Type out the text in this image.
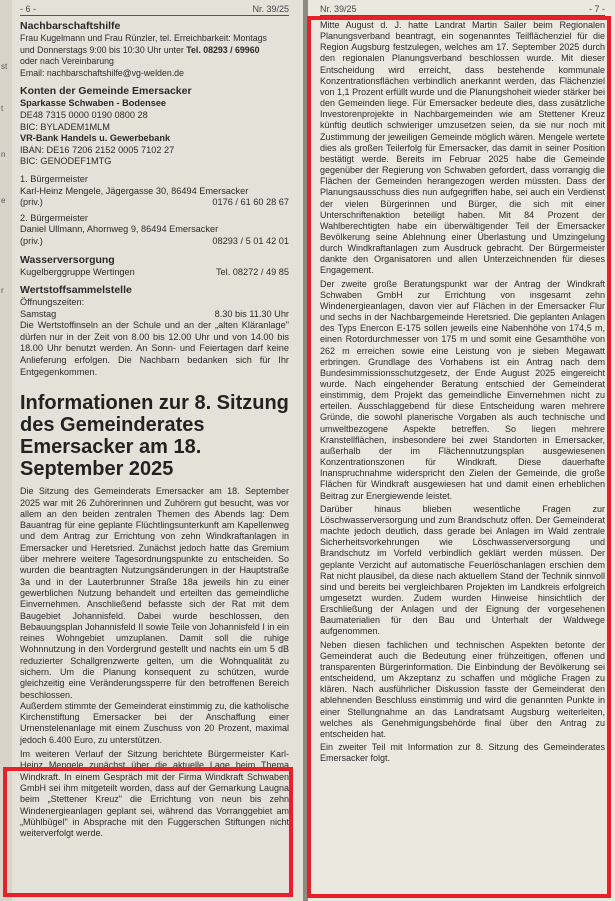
st
t
n
e
r
- 6 -	Nr. 39/25
Nachbarschaftshilfe
Frau Kugelmann und Frau Rünzler, tel. Erreichbarkeit: Montags
und Donnerstags 9:00 bis 10:30 Uhr unter Tel. 08293 / 69960
oder nach Vereinbarung
Email: nachbarschaftshilfe@vg-welden.de
Konten der Gemeinde Emersacker
Sparkasse Schwaben - Bodensee
DE48 7315 0000 0190 0800 28
BIC: BYLADEM1MLM
VR-Bank Handels u. Gewerbebank
IBAN: DE16 7206 2152 0005 7102 27
BIC: GENODEF1MTG
1. Bürgermeister
Karl-Heinz Mengele, Jägergasse 30, 86494 Emersacker
(priv.)	0176 / 61 60 28 67
2. Bürgermeister
Daniel Ullmann, Ahornweg 9, 86494 Emersacker
(priv.)	08293 / 5 01 42 01
Wasserversorgung
Kugelberggruppe Wertingen	Tel. 08272 / 49 85
Wertstoffsammelstelle
Öffnungszeiten:
Samstag	8.30 bis 11.30 Uhr
Die Wertstoffinseln an der Schule und an der „alten Kläranlage" dürfen nur in der Zeit von 8.00 bis 12.00 Uhr und von 14.00 bis 18.00 Uhr benutzt werden. An Sonn- und Feiertagen darf keine Anlieferung erfolgen. Die Nachbarn bedanken sich für Ihr Entgegenkommen.
Informationen zur 8. Sitzung des Gemeinderates Emersacker am 18. September 2025

Die Sitzung des Gemeinderats Emersacker am 18. September 2025 war mit 26 Zuhörerinnen und Zuhörern gut besucht, was vor allem an den beiden zentralen Themen des Abends lag: Dem Bauantrag für eine geplante Flüchtlingsunterkunft am Kapellenweg und dem Antrag zur Errichtung von zehn Windkraftanlagen in Emersacker und Heretsried. Zunächst jedoch hatte das Gremium über mehrere weitere Tagesordnungspunkte zu entscheiden. So wurden die beantragten Nutzungsänderungen in der Hauptstraße 3a und in der Lauterbrunner Straße 18a jeweils hin zu einer gewerblichen Nutzung behandelt und erteilten das gemeindliche Einvernehmen. Anschließend befasste sich der Rat mit dem Baugebiet Johannisfeld. Dabei wurde beschlossen, den Bebauungsplan Johannisfeld II sowie Teile von Johannisfeld I in ein reines Wohngebiet umzuplanen. Damit soll die ruhige Wohnnutzung in den Vordergrund gestellt und nachts ein um 5 dB reduzierter Schallgrenzwerte gelten, um die Wohnqualität zu sichern. Um die Planung konsequent zu schützen, wurde gleichzeitig eine Veränderungssperre für den betroffenen Bereich beschlossen.

Außerdem stimmte der Gemeinderat einstimmig zu, die katholische Kirchenstiftung Emersacker bei der Anschaffung einer Urnenstelenanlage mit einem Zuschuss von 20 Prozent, maximal jedoch 6.400 Euro, zu unterstützen.

Im weiteren Verlauf der Sitzung berichtete Bürgermeister Karl-Heinz Mengele zunächst über die aktuelle Lage beim Thema Windkraft. In einem Gespräch mit der Firma Windkraft Schwaben GmbH sei ihm mitgeteilt worden, dass auf der Gemarkung Laugna beim „Stettener Kreuz" die Errichtung von neun bis zehn Windenergieanlagen geplant sei, während das Vorranggebiet am „Mühlbügel" in Absprache mit den Fuggerschen Stiftungen nicht weiterverfolgt werde.

Nr. 39/25	- 7 -

Mitte August d. J. hatte Landrat Martin Sailer beim Regionalen Planungsverband beantragt, ein sogenanntes Teilflächenziel für die Region Augsburg festzulegen, welches am 17. September 2025 durch den regionalen Planungsverband beschlossen wurde. Mit dieser Entscheidung wird erreicht, dass bestehende kommunale Konzentrationsflächen verbindlich anerkannt werden, das Flächenziel von 1,1 Prozent erfüllt wurde und die Planungshoheit wieder stärker bei den Gemeinden liege. Für Emersacker bedeute dies, dass zusätzliche Investorenprojekte in Nachbargemeinden wie am Stettener Kreuz künftig deutlich schwieriger umzusetzen seien, da sie nur noch mit Zustimmung der jeweiligen Gemeinde möglich wären. Mengele wertete dies als großen Teilerfolg für Emersacker, das damit in seiner Position bestätigt werde. Bereits im Februar 2025 habe die Gemeinde gegenüber der Regierung von Schwaben gefordert, dass vorrangig die Flächen der Gemeinden herangezogen werden müssten. Dass der Planungsausschuss dies nun aufgegriffen habe, sei auch ein Verdienst der vielen Bürgerinnen und Bürger, die sich mit einer Unterschriftenaktion beteiligt haben. Mit 84 Prozent der Wahlberechtigten habe ein überwältigender Teil der Emersacker Bevölkerung seine Ablehnung einer Überlastung und Umzingelung durch Windkraftanlagen zum Ausdruck gebracht. Der Bürgermeister dankte den Organisatoren und allen Unterzeichnenden für dieses Engagement.

Der zweite große Beratungspunkt war der Antrag der Windkraft Schwaben GmbH zur Errichtung von insgesamt zehn Windenergieanlagen, davon vier auf Flächen in der Emersacker Flur und sechs in der Nachbargemeinde Heretsried. Die geplanten Anlagen des Typs Enercon E-175 sollen jeweils eine Nabenhöhe von 174,5 m, einen Rotordurchmesser von 175 m und somit eine Gesamthöhe von 262 m erreichen sowie eine Leistung von je sieben Megawatt erbringen. Grundlage des Vorhabens ist ein Antrag nach dem Bundesimmissionsschutzgesetz, der Ende August 2025 eingereicht wurde. Nach eingehender Beratung entschied der Gemeinderat einstimmig, dem Projekt das gemeindliche Einvernehmen nicht zu erteilen. Ausschlaggebend für diese Entscheidung waren mehrere Gründe, die sowohl planerische Vorgaben als auch technische und umweltbezogene Aspekte betreffen. So liegen mehrere Kranstellflächen, insbesondere bei zwei Standorten in Emersacker, außerhalb der im Flächennutzungsplan ausgewiesenen Konzentrationszonen für Windkraft. Diese dauerhafte Inanspruchnahme widerspricht den Zielen der Gemeinde, die große Flächen für Windkraft ausgewiesen hat und damit einen erheblichen Beitrag zur Energiewende leistet.

Darüber hinaus blieben wesentliche Fragen zur Löschwasserversorgung und zum Brandschutz offen. Der Gemeinderat machte jedoch deutlich, dass gerade bei Anlagen im Wald zentrale Sicherheitsvorkehrungen wie Löschwasserversorgung und Brandschutz im Vorfeld verbindlich geklärt werden müssen. Der geplante Verzicht auf automatische Feuerlöschanlagen erschien dem Rat nicht plausibel, da diese nach aktuellem Stand der Technik sinnvoll sind und bereits bei vergleichbaren Projekten im Landkreis erfolgreich umgesetzt wurden. Zudem wurden Hinweise hinsichtlich der Erschließung der Anlagen und der Eignung der vorgesehenen Baumaterialien für den Bau und Unterhalt der Waldwege aufgenommen.

Neben diesen fachlichen und technischen Aspekten betonte der Gemeinderat auch die Bedeutung einer frühzeitigen, offenen und transparenten Bürgerinformation. Die Einbindung der Bevölkerung sei entscheidend, um Akzeptanz zu schaffen und mögliche Fragen zu klären. Nach ausführlicher Diskussion fasste der Gemeinderat den ablehnenden Beschluss einstimmig und wird die genannten Punkte in einer Stellungnahme an das Landratsamt Augsburg weiterleiten, welches als Genehmigungsbehörde final über den Antrag zu entscheiden hat.

Ein zweiter Teil mit Information zur 8. Sitzung des Gemeinderates Emersacker folgt.
